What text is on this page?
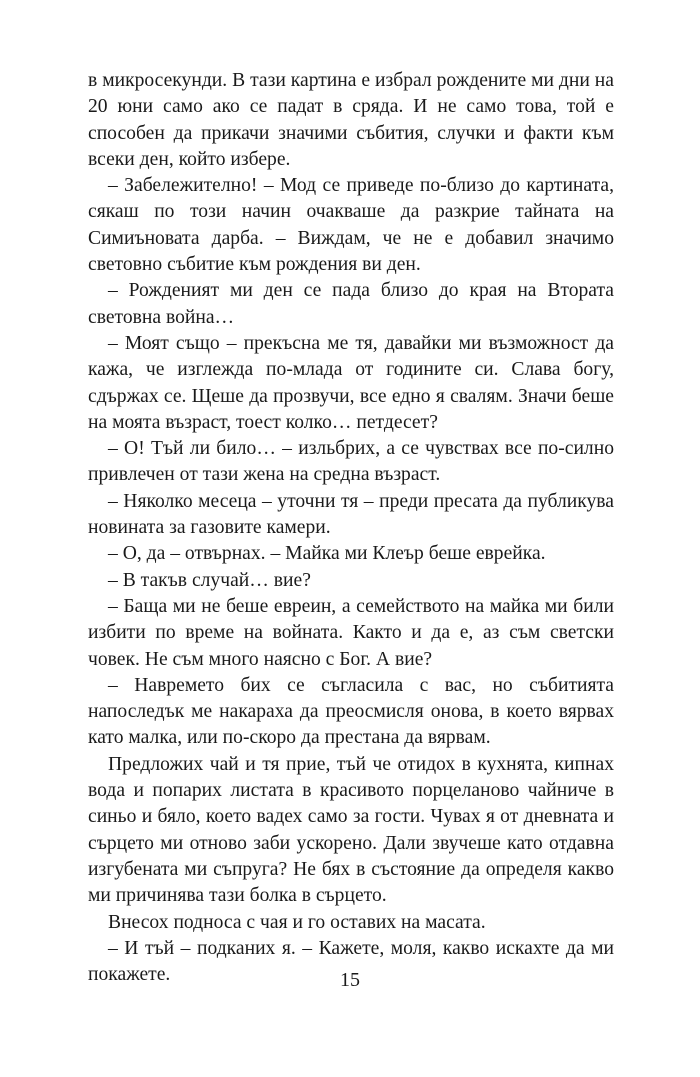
в микросекунди. В тази картина е избрал рождените ми дни на 20 юни само ако се падат в сряда. И не само това, той е способен да прикачи значими събития, случки и факти към всеки ден, който избере.

– Забележително! – Мод се приведе по-близо до картината, сякаш по този начин очакваше да разкрие тайната на Симиъновата дарба. – Виждам, че не е добавил значимо световно събитие към рождения ви ден.

– Рожденият ми ден се пада близо до края на Втората световна война…

– Моят също – прекъсна ме тя, давайки ми възможност да кажа, че изглежда по-млада от годините си. Слава богу, сдържах се. Щеше да прозвучи, все едно я свалям. Значи беше на моята възраст, тоест колко… петдесет?

– О! Тъй ли било… – изльбрих, а се чувствах все по-силно привлечен от тази жена на средна възраст.

– Няколко месеца – уточни тя – преди пресата да публикува новината за газовите камери.

– О, да – отвърнах. – Майка ми Клеър беше еврейка.

– В такъв случай… вие?

– Баща ми не беше евреин, а семейството на майка ми били избити по време на войната. Както и да е, аз съм светски човек. Не съм много наясно с Бог. А вие?

– Навремето бих се съгласила с вас, но събитията напоследък ме накараха да преосмисля онова, в което вярвах като малка, или по-скоро да престана да вярвам.

Предложих чай и тя прие, тъй че отидох в кухнята, кипнах вода и попарих листата в красивото порцеланово чайниче в синьо и бяло, което вадех само за гости. Чувах я от дневната и сърцето ми отново заби ускорено. Дали звучеше като отдавна изгубената ми съпруга? Не бях в състояние да определя какво ми причинява тази болка в сърцето.

Внесох подноса с чая и го оставих на масата.

– И тъй – подканих я. – Кажете, моля, какво искахте да ми покажете.	15
